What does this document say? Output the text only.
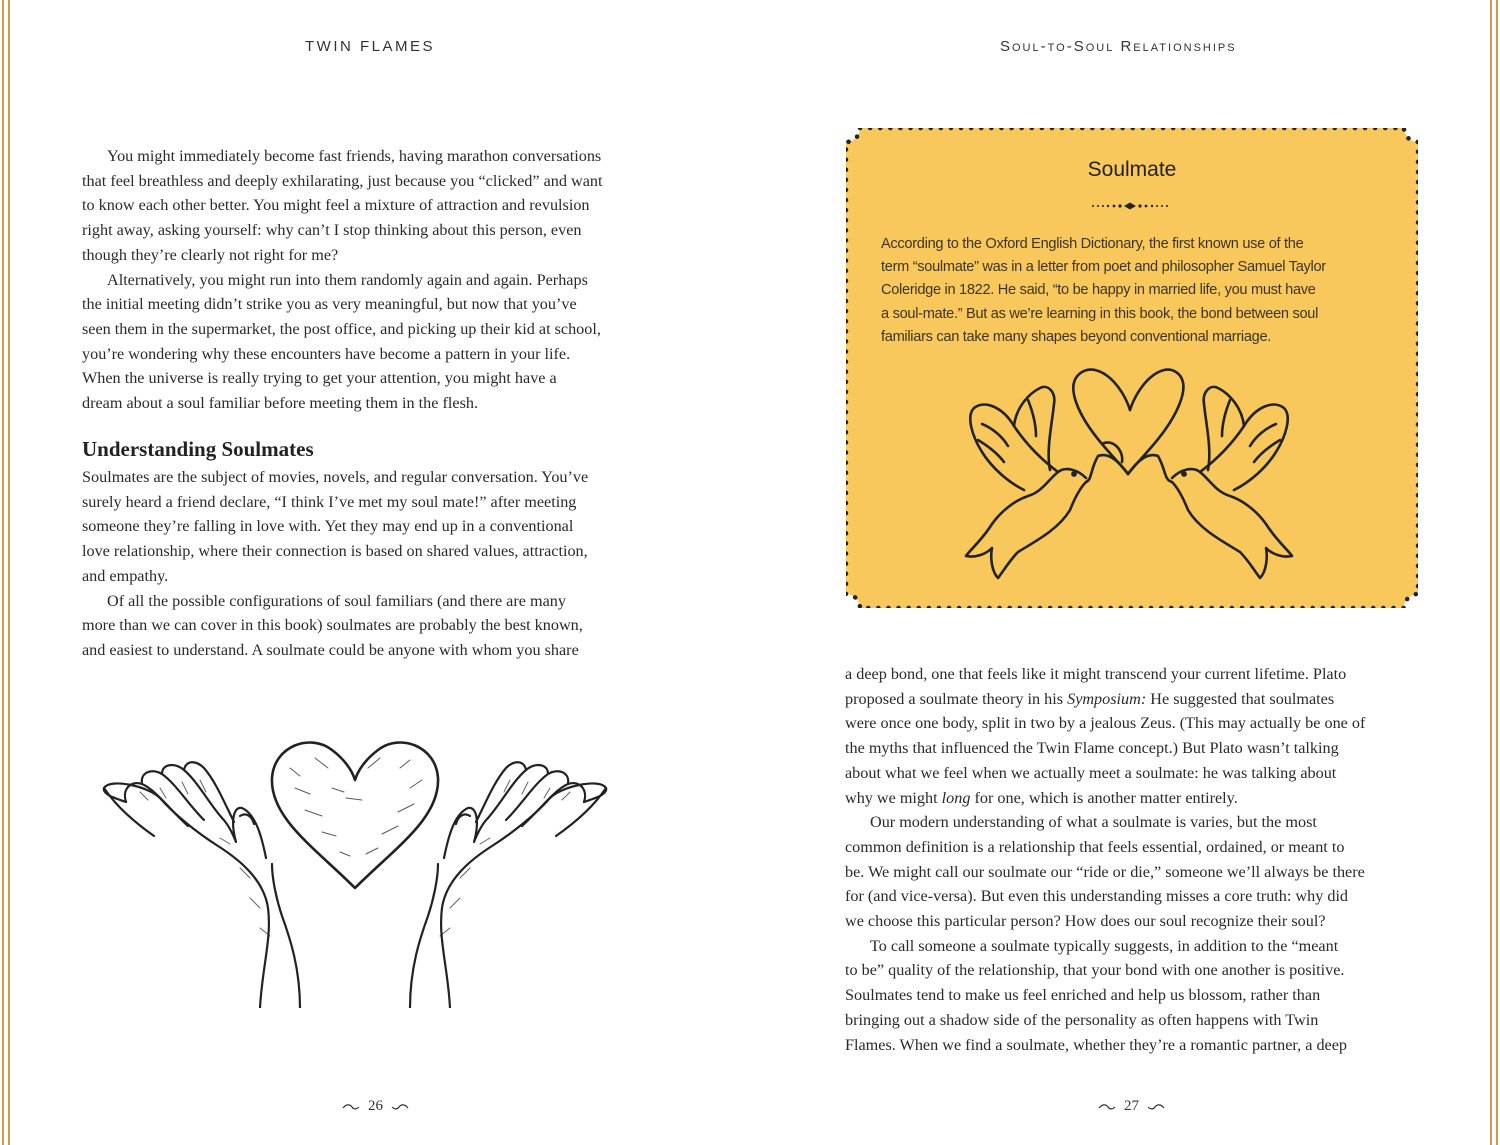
TWIN FLAMES
You might immediately become fast friends, having marathon conversations
that feel breathless and deeply exhilarating, just because you “clicked” and want
to know each other better. You might feel a mixture of attraction and revulsion
right away, asking yourself: why can’t I stop thinking about this person, even
though they’re clearly not right for me?
Alternatively, you might run into them randomly again and again. Perhaps
the initial meeting didn’t strike you as very meaningful, but now that you’ve
seen them in the supermarket, the post office, and picking up their kid at school,
you’re wondering why these encounters have become a pattern in your life.
When the universe is really trying to get your attention, you might have a
dream about a soul familiar before meeting them in the flesh.
Understanding Soulmates
Soulmates are the subject of movies, novels, and regular conversation. You’ve
surely heard a friend declare, “I think I’ve met my soul mate!” after meeting
someone they’re falling in love with. Yet they may end up in a conventional
love relationship, where their connection is based on shared values, attraction,
and empathy.
Of all the possible configurations of soul familiars (and there are many
more than we can cover in this book) soulmates are probably the best known,
and easiest to understand. A soulmate could be anyone with whom you share
26
Soul-to-Soul Relationships
Soulmate
According to the Oxford English Dictionary, the first known use of the
term “soulmate” was in a letter from poet and philosopher Samuel Taylor
Coleridge in 1822. He said, “to be happy in married life, you must have
a soul-mate.” But as we’re learning in this book, the bond between soul
familiars can take many shapes beyond conventional marriage.
a deep bond, one that feels like it might transcend your current lifetime. Plato
proposed a soulmate theory in his Symposium: He suggested that soulmates
were once one body, split in two by a jealous Zeus. (This may actually be one of
the myths that influenced the Twin Flame concept.) But Plato wasn’t talking
about what we feel when we actually meet a soulmate: he was talking about
why we might long for one, which is another matter entirely.
Our modern understanding of what a soulmate is varies, but the most
common definition is a relationship that feels essential, ordained, or meant to
be. We might call our soulmate our “ride or die,” someone we’ll always be there
for (and vice-versa). But even this understanding misses a core truth: why did
we choose this particular person? How does our soul recognize their soul?
To call someone a soulmate typically suggests, in addition to the “meant
to be” quality of the relationship, that your bond with one another is positive.
Soulmates tend to make us feel enriched and help us blossom, rather than
bringing out a shadow side of the personality as often happens with Twin
Flames. When we find a soulmate, whether they’re a romantic partner, a deep
27
